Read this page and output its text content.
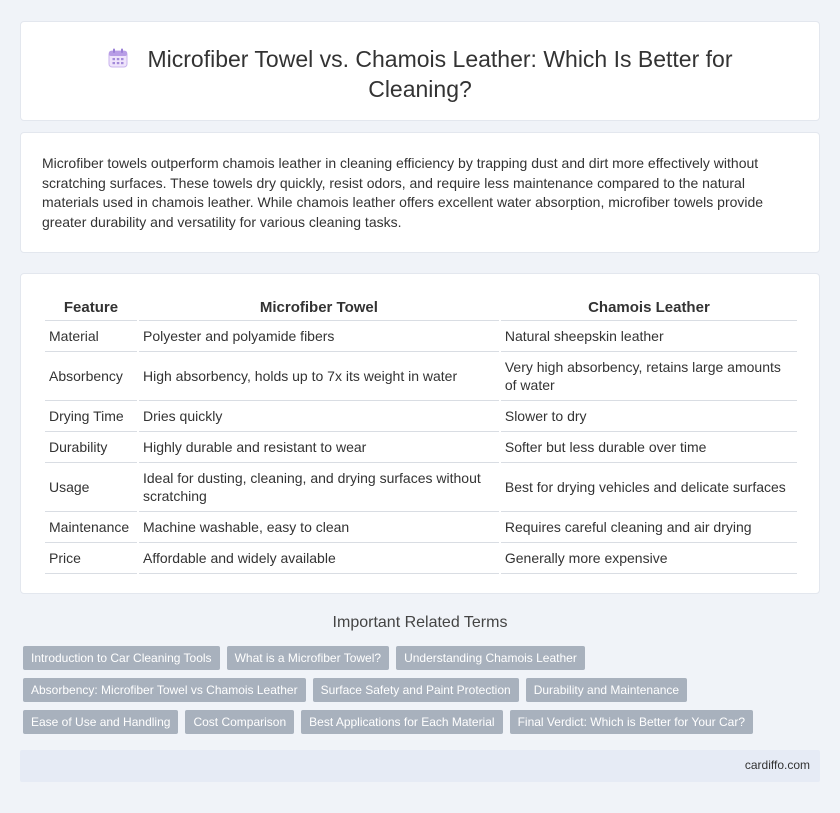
Microfiber Towel vs. Chamois Leather: Which Is Better for Cleaning?

Microfiber towels outperform chamois leather in cleaning efficiency by trapping dust and dirt more effectively without scratching surfaces. These towels dry quickly, resist odors, and require less maintenance compared to the natural materials used in chamois leather. While chamois leather offers excellent water absorption, microfiber towels provide greater durability and versatility for various cleaning tasks.

Feature	Microfiber Towel	Chamois Leather
Material	Polyester and polyamide fibers	Natural sheepskin leather
Absorbency	High absorbency, holds up to 7x its weight in water	Very high absorbency, retains large amounts of water
Drying Time	Dries quickly	Slower to dry
Durability	Highly durable and resistant to wear	Softer but less durable over time
Usage	Ideal for dusting, cleaning, and drying surfaces without scratching	Best for drying vehicles and delicate surfaces
Maintenance	Machine washable, easy to clean	Requires careful cleaning and air drying
Price	Affordable and widely available	Generally more expensive
Important Related Terms
Introduction to Car Cleaning Tools	What is a Microfiber Towel?	Understanding Chamois Leather
Absorbency: Microfiber Towel vs Chamois Leather	Surface Safety and Paint Protection	Durability and Maintenance
Ease of Use and Handling	Cost Comparison	Best Applications for Each Material	Final Verdict: Which is Better for Your Car?
cardiffo.com
